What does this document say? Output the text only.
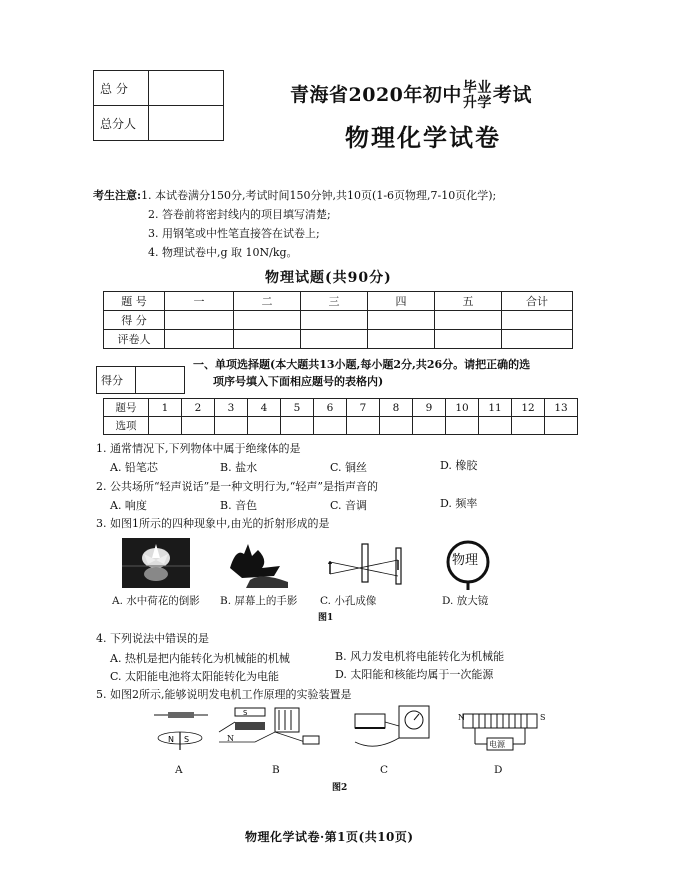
总 分	
总分人	
青海省2020年初中毕业
升学考试
物理化学试卷
考生注意:1. 本试卷满分150分,考试时间150分钟,共10页(1-6页物理,7-10页化学);
2. 答卷前将密封线内的项目填写清楚;
3. 用钢笔或中性笔直接答在试卷上;
4. 物理试卷中,g 取 10N/kg。
物理试题(共90分)
题 号	一	二	三	四	五	合计
得 分						
评卷人						
得分	
一、单项选择题(本大题共13小题,每小题2分,共26分。请把正确的选
项序号填入下面相应题号的表格内)
题号	1	2	3	4	5	6	7	8	9	10	11	12	13
选项													
1. 通常情况下,下列物体中属于绝缘体的是
A. 铅笔芯	B. 盐水	C. 铜丝	D. 橡胶
2. 公共场所“轻声说话”是一种文明行为,“轻声”是指声音的
A. 响度	B. 音色	C. 音调	D. 频率
3. 如图1所示的四种现象中,由光的折射形成的是
物理
A. 水中荷花的倒影 B. 屏幕上的手影 C. 小孔成像	D. 放大镜
图1
4. 下列说法中错误的是
A. 热机是把内能转化为机械能的机械	B. 风力发电机将电能转化为机械能
C. 太阳能电池将太阳能转化为电能	D. 太阳能和核能均属于一次能源
5. 如图2所示,能够说明发电机工作原理的实验装置是
N S
S
N
N	S
电源
A	B	C	D
图2
物理化学试卷·第1页(共10页)
